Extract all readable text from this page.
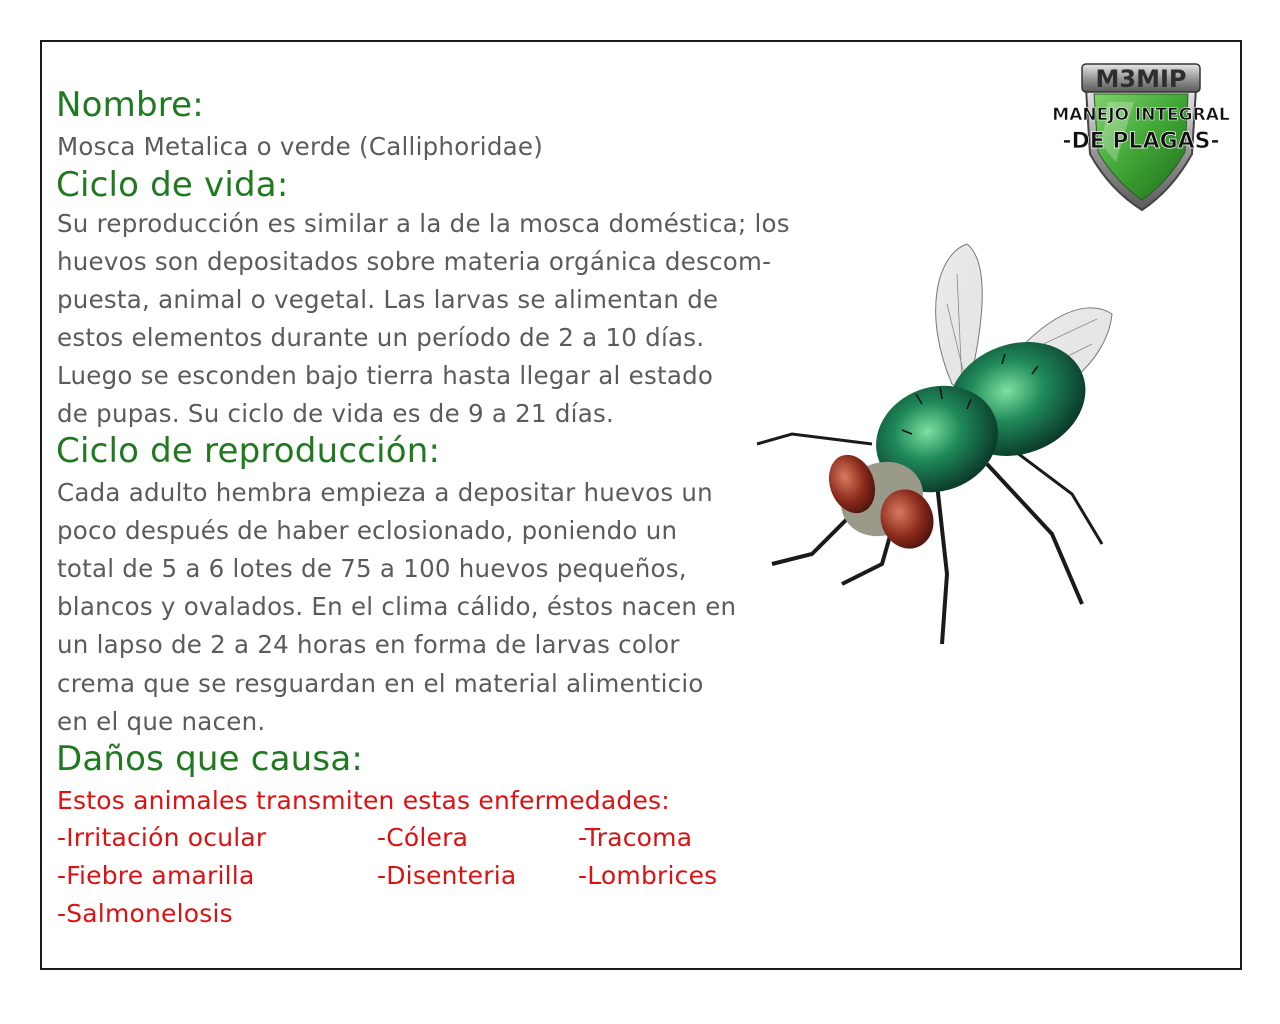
Nombre:
Mosca Metalica o verde (Calliphoridae)
Ciclo de vida:
Su reproducción es similar a la de la mosca doméstica; los
huevos son depositados sobre materia orgánica descom-
puesta, animal o vegetal. Las larvas se alimentan de
estos elementos durante un período de 2 a 10 días.
Luego se esconden bajo tierra hasta llegar al estado
de pupas. Su ciclo de vida es de 9 a 21 días.
Ciclo de reproducción:
Cada adulto hembra empieza a depositar huevos un
poco después de haber eclosionado, poniendo un
total de 5 a 6 lotes de 75 a 100 huevos pequeños,
blancos y ovalados. En el clima cálido, éstos nacen en
un lapso de 2 a 24 horas en forma de larvas color
crema que se resguardan en el material alimenticio
en el que nacen.
Daños que causa:
Estos animales transmiten estas enfermedades:
-Irritación ocular	-Cólera	-Tracoma
-Fiebre amarilla	-Disenteria -Lombrices
-Salmonelosis
M3MIP
MANEJO INTEGRAL
-DE PLAGAS-
